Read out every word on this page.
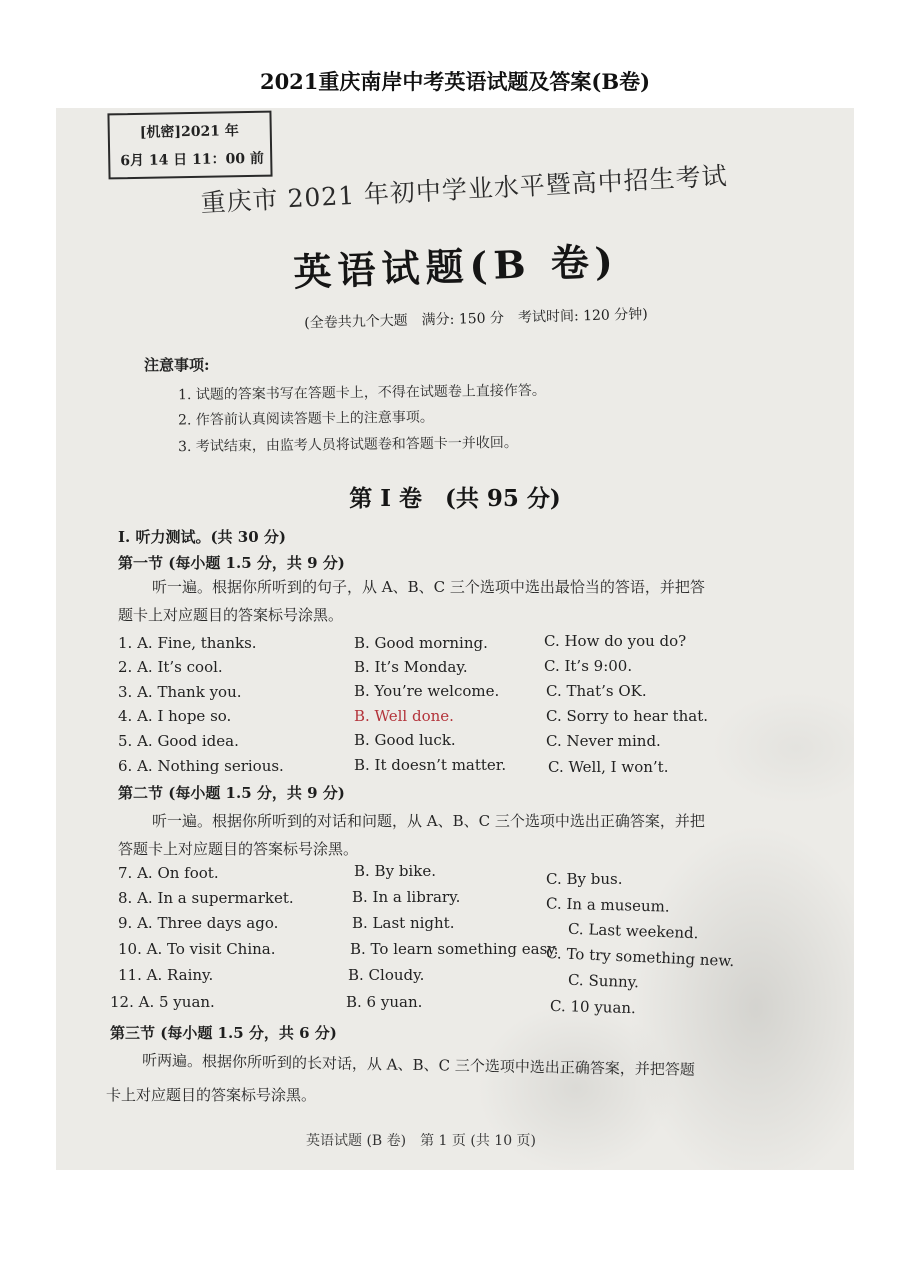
2021重庆南岸中考英语试题及答案(B卷)
[机密]2021 年
6月 14 日 11：00 前
重庆市 2021 年初中学业水平暨高中招生考试
英语试题(B 卷)
(全卷共九个大题　满分: 150 分　考试时间: 120 分钟)
注意事项:
1. 试题的答案书写在答题卡上，不得在试题卷上直接作答。
2. 作答前认真阅读答题卡上的注意事项。
3. 考试结束，由监考人员将试题卷和答题卡一并收回。
第 I 卷　(共 95 分)
I. 听力测试。(共 30 分)
第一节 (每小题 1.5 分，共 9 分)
听一遍。根据你所听到的句子，从 A、B、C 三个选项中选出最恰当的答语，并把答
题卡上对应题目的答案标号涂黑。
1. A. Fine, thanks.	B. Good morning.	C. How do you do?
2. A. It’s cool.	B. It’s Monday.	C. It’s 9:00.
3. A. Thank you.	B. You’re welcome.	C. That’s OK.
4. A. I hope so.	B. Well done.	C. Sorry to hear that.
5. A. Good idea.	B. Good luck.	C. Never mind.
6. A. Nothing serious.	B. It doesn’t matter.	C. Well, I won’t.
第二节 (每小题 1.5 分，共 9 分)
听一遍。根据你所听到的对话和问题，从 A、B、C 三个选项中选出正确答案，并把
答题卡上对应题目的答案标号涂黑。
7. A. On foot.	B. By bike.	C. By bus.
8. A. In a supermarket.	B. In a library.	C. In a museum.
9. A. Three days ago.	B. Last night.	C. Last weekend.
10. A. To visit China.	B. To learn something easy.
C. To try something new.
11. A. Rainy.	B. Cloudy.	C. Sunny.
12. A. 5 yuan.	B. 6 yuan.	C. 10 yuan.
第三节 (每小题 1.5 分，共 6 分)
听两遍。根据你所听到的长对话，从 A、B、C 三个选项中选出正确答案，并把答题
卡上对应题目的答案标号涂黑。
英语试题 (B 卷)　第 1 页 (共 10 页)
